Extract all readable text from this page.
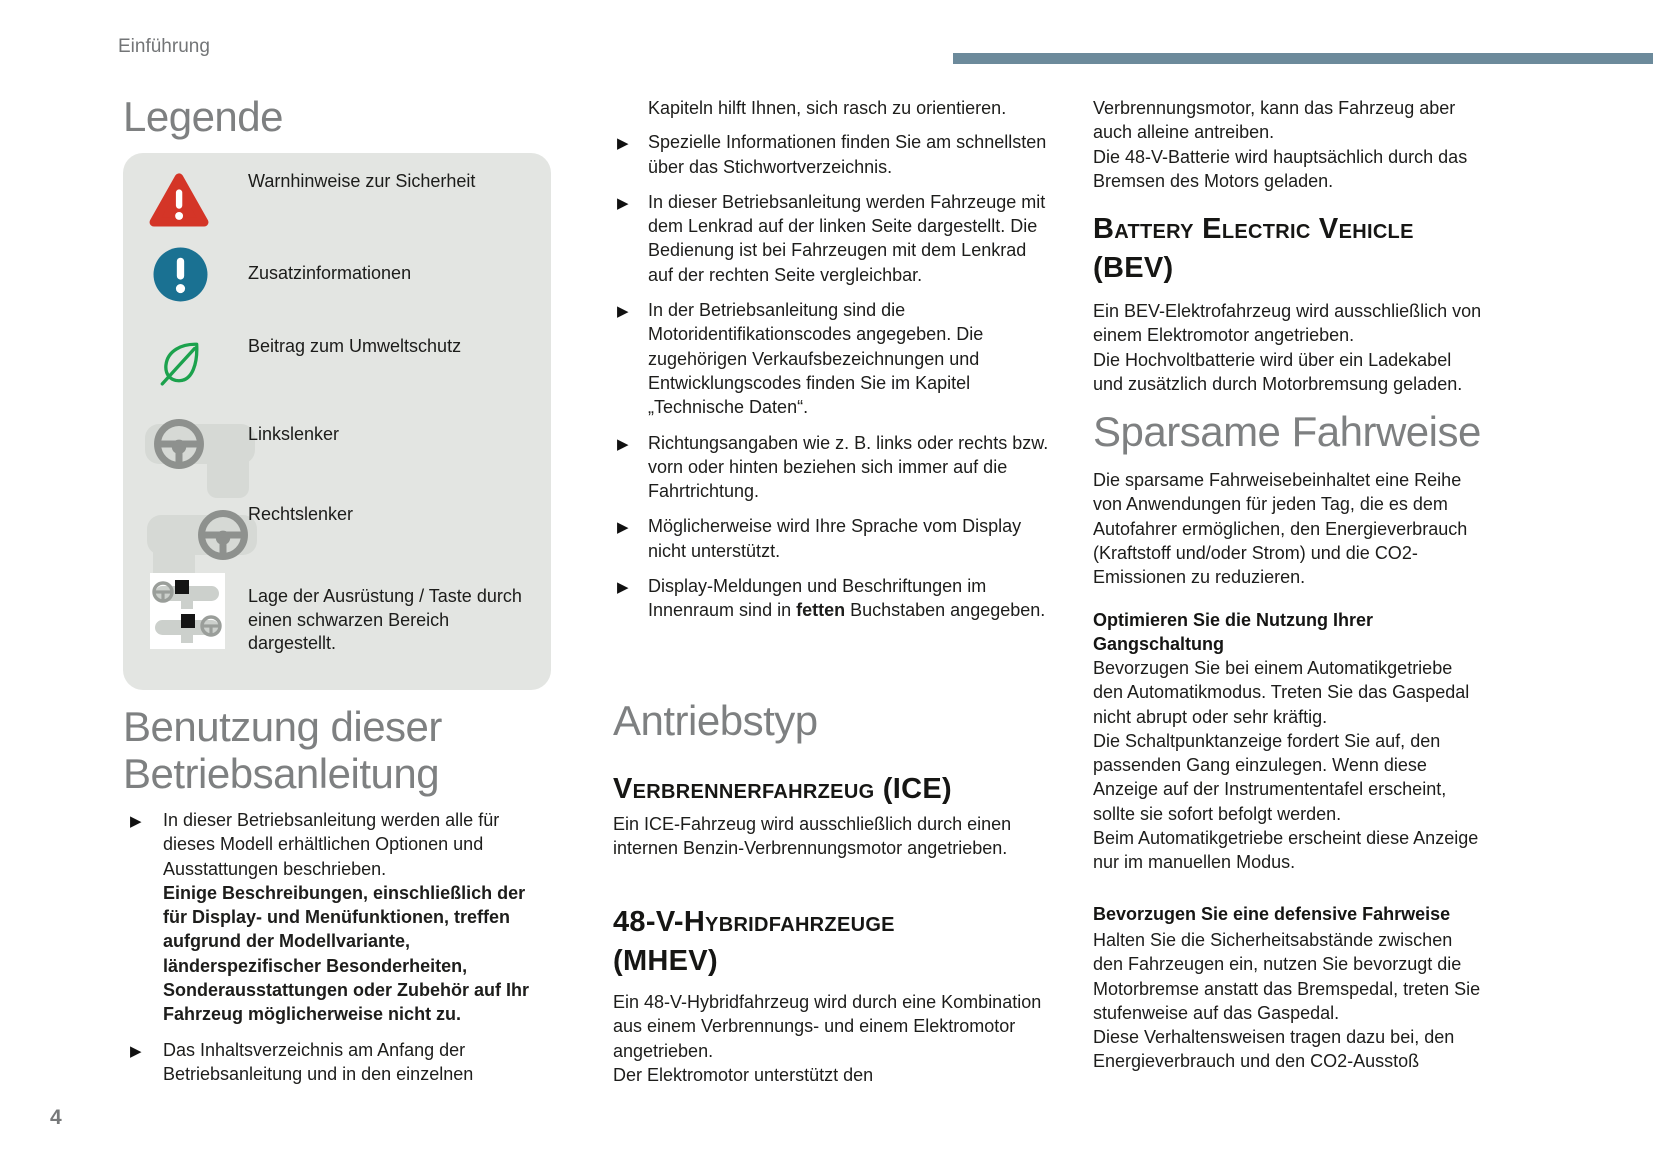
Einführung
Legende
Warnhinweise zur Sicherheit
Zusatzinformationen
Beitrag zum Umweltschutz
Linkslenker
Rechtslenker
Lage der Ausrüstung / Taste durch einen schwarzen Bereich dargestellt.
Benutzung dieser Betriebsanleitung
▶
In dieser Betriebsanleitung werden alle für dieses Modell erhältlichen Optionen und Ausstattungen beschrieben.
Einige Beschreibungen, einschließlich der für Display- und Menüfunktionen, treffen aufgrund der Modellvariante, länderspezifischer Besonderheiten, Sonderausstattungen oder Zubehör auf Ihr Fahrzeug möglicherweise nicht zu.
▶
Das Inhaltsverzeichnis am Anfang der Betriebsanleitung und in den einzelnen
Kapiteln hilft Ihnen, sich rasch zu orientieren.
▶
Spezielle Informationen finden Sie am schnellsten über das Stichwortverzeichnis.
▶
In dieser Betriebsanleitung werden Fahrzeuge mit dem Lenkrad auf der linken Seite dargestellt. Die Bedienung ist bei Fahrzeugen mit dem Lenkrad auf der rechten Seite vergleichbar.
▶
In der Betriebsanleitung sind die Motoridentifikationscodes angegeben. Die zugehörigen Verkaufsbezeichnungen und Entwicklungscodes finden Sie im Kapitel „Technische Daten“.
▶
Richtungsangaben wie z. B. links oder rechts bzw. vorn oder hinten beziehen sich immer auf die Fahrtrichtung.
▶
Möglicherweise wird Ihre Sprache vom Display nicht unterstützt.
▶
Display-Meldungen und Beschriftungen im Innenraum sind in fetten Buchstaben angegeben.
Antriebstyp
Verbrennerfahrzeug (ICE)
Ein ICE-Fahrzeug wird ausschließlich durch einen internen Benzin-Verbrennungsmotor angetrieben.
48-V-Hybridfahrzeuge (MHEV)
Ein 48-V-Hybridfahrzeug wird durch eine Kombination aus einem Verbrennungs- und einem Elektromotor angetrieben.
Der Elektromotor unterstützt den
Verbrennungsmotor, kann das Fahrzeug aber auch alleine antreiben.
Die 48-V-Batterie wird hauptsächlich durch das Bremsen des Motors geladen.
Battery Electric Vehicle (BEV)
Ein BEV-Elektrofahrzeug wird ausschließlich von einem Elektromotor angetrieben.
Die Hochvoltbatterie wird über ein Ladekabel und zusätzlich durch Motorbremsung geladen.
Sparsame Fahrweise
Die sparsame Fahrweisebeinhaltet eine Reihe von Anwendungen für jeden Tag, die es dem Autofahrer ermöglichen, den Energieverbrauch (Kraftstoff und/oder Strom) und die CO2-Emissionen zu reduzieren.
Optimieren Sie die Nutzung Ihrer Gangschaltung
Bevorzugen Sie bei einem Automatikgetriebe den Automatikmodus. Treten Sie das Gaspedal nicht abrupt oder sehr kräftig.
Die Schaltpunktanzeige fordert Sie auf, den passenden Gang einzulegen. Wenn diese Anzeige auf der Instrumententafel erscheint, sollte sie sofort befolgt werden.
Beim Automatikgetriebe erscheint diese Anzeige nur im manuellen Modus.
Bevorzugen Sie eine defensive Fahrweise
Halten Sie die Sicherheitsabstände zwischen den Fahrzeugen ein, nutzen Sie bevorzugt die Motorbremse anstatt das Bremspedal, treten Sie stufenweise auf das Gaspedal.
Diese Verhaltensweisen tragen dazu bei, den Energieverbrauch und den CO2-Ausstoß
4
